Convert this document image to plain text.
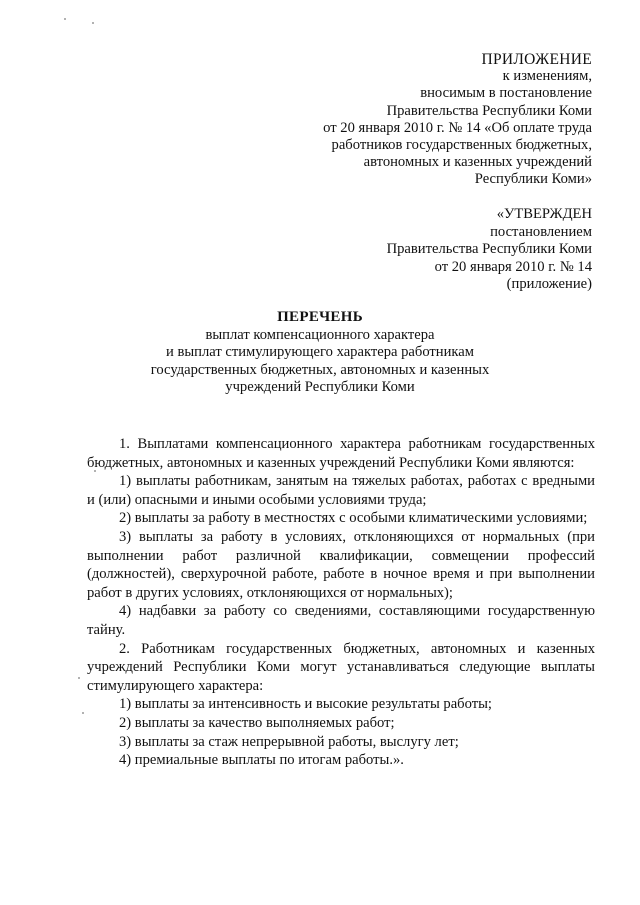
ПРИЛОЖЕНИЕ
к изменениям,
вносимым в постановление
Правительства Республики Коми
от 20 января 2010 г. № 14 «Об оплате труда
работников государственных бюджетных,
автономных и казенных учреждений
Республики Коми»
«УТВЕРЖДЕН
постановлением
Правительства Республики Коми
от 20 января 2010 г. № 14
(приложение)
ПЕРЕЧЕНЬ
выплат компенсационного характера
и выплат стимулирующего характера работникам
государственных бюджетных, автономных и казенных
учреждений Республики Коми

1. Выплатами компенсационного характера работникам государственных бюджетных, автономных и казенных учреждений Республики Коми являются:

1) выплаты работникам, занятым на тяжелых работах, работах с вредными и (или) опасными и иными особыми условиями труда;

2) выплаты за работу в местностях с особыми климатическими условиями;

3) выплаты за работу в условиях, отклоняющихся от нормальных (при выполнении работ различной квалификации, совмещении профессий (должностей), сверхурочной работе, работе в ночное время и при выполнении работ в других условиях, отклоняющихся от нормальных);

4) надбавки за работу со сведениями, составляющими государственную тайну.

2. Работникам государственных бюджетных, автономных и казенных учреждений Республики Коми могут устанавливаться следующие выплаты стимулирующего характера:

1) выплаты за интенсивность и высокие результаты работы;

2) выплаты за качество выполняемых работ;

3) выплаты за стаж непрерывной работы, выслугу лет;

4) премиальные выплаты по итогам работы.».
